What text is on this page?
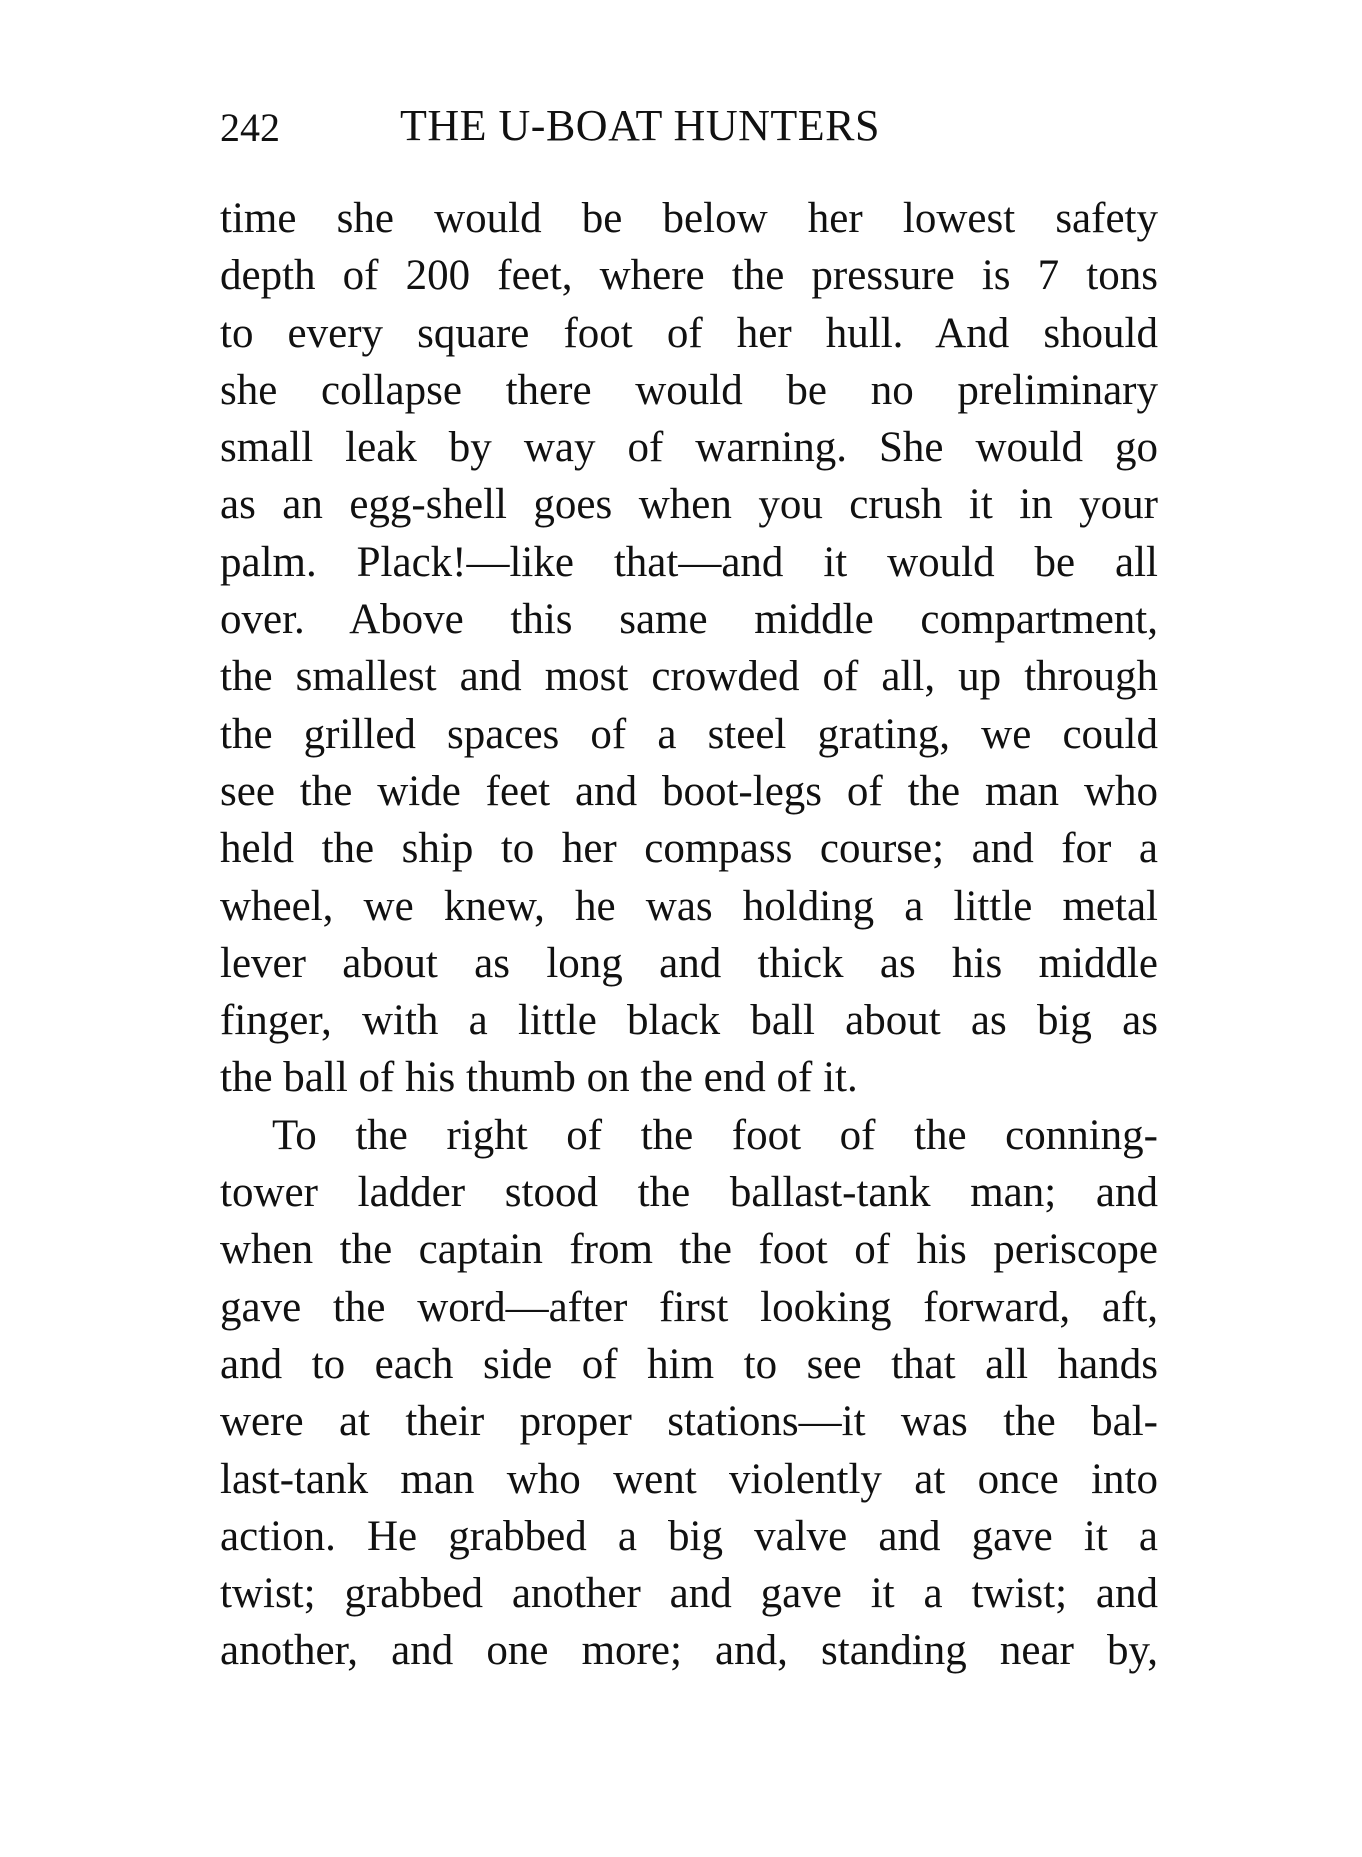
242	THE U-BOAT HUNTERS
time she would be below her lowest safety
depth of 200 feet, where the pressure is 7 tons
to every square foot of her hull. And should
she collapse there would be no preliminary
small leak by way of warning. She would go
as an egg-shell goes when you crush it in your
palm. Plack!—like that—and it would be all
over. Above this same middle compartment,
the smallest and most crowded of all, up through
the grilled spaces of a steel grating, we could
see the wide feet and boot-legs of the man who
held the ship to her compass course; and for a
wheel, we knew, he was holding a little metal
lever about as long and thick as his middle
finger, with a little black ball about as big as
the ball of his thumb on the end of it.
To the right of the foot of the conning-
tower ladder stood the ballast-tank man; and
when the captain from the foot of his periscope
gave the word—after first looking forward, aft,
and to each side of him to see that all hands
were at their proper stations—it was the bal-
last-tank man who went violently at once into
action. He grabbed a big valve and gave it a
twist; grabbed another and gave it a twist; and
another, and one more; and, standing near by,
